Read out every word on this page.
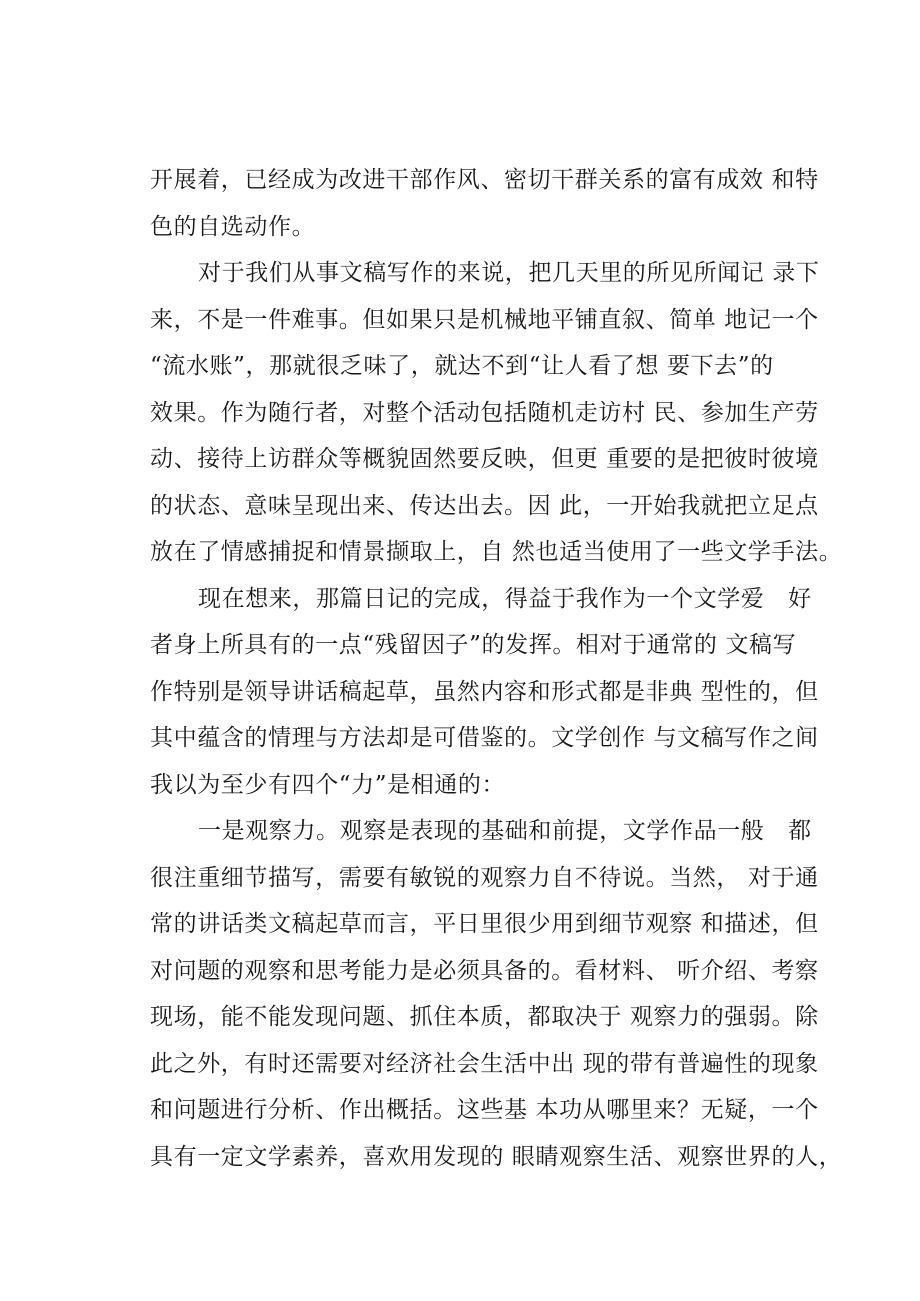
开展着，已经成为改进干部作风、密切干群关系的富有成效 和特
色的自选动作。
对于我们从事文稿写作的来说，把几天里的所见所闻记 录下
来，不是一件难事。但如果只是机械地平铺直叙、简单 地记一个
“流水账”，那就很乏味了，就达不到“让人看了想 要下去”的
效果。作为随行者，对整个活动包括随机走访村 民、参加生产劳
动、接待上访群众等概貌固然要反映，但更 重要的是把彼时彼境
的状态、意味呈现出来、传达出去。因 此，一开始我就把立足点
放在了情感捕捉和情景撷取上，自 然也适当使用了一些文学手法。
现在想来，那篇日记的完成，得益于我作为一个文学爱   好
者身上所具有的一点“残留因子”的发挥。相对于通常的 文稿写
作特别是领导讲话稿起草，虽然内容和形式都是非典 型性的，但
其中蕴含的情理与方法却是可借鉴的。文学创作 与文稿写作之间
我以为至少有四个“力”是相通的：
一是观察力。观察是表现的基础和前提，文学作品一般   都
很注重细节描写，需要有敏锐的观察力自不待说。当然， 对于通
常的讲话类文稿起草而言，平日里很少用到细节观察 和描述，但
对问题的观察和思考能力是必须具备的。看材料、 听介绍、考察
现场，能不能发现问题、抓住本质，都取决于 观察力的强弱。除
此之外，有时还需要对经济社会生活中出 现的带有普遍性的现象
和问题进行分析、作出概括。这些基 本功从哪里来？无疑，一个
具有一定文学素养，喜欢用发现的 眼睛观察生活、观察世界的人，
